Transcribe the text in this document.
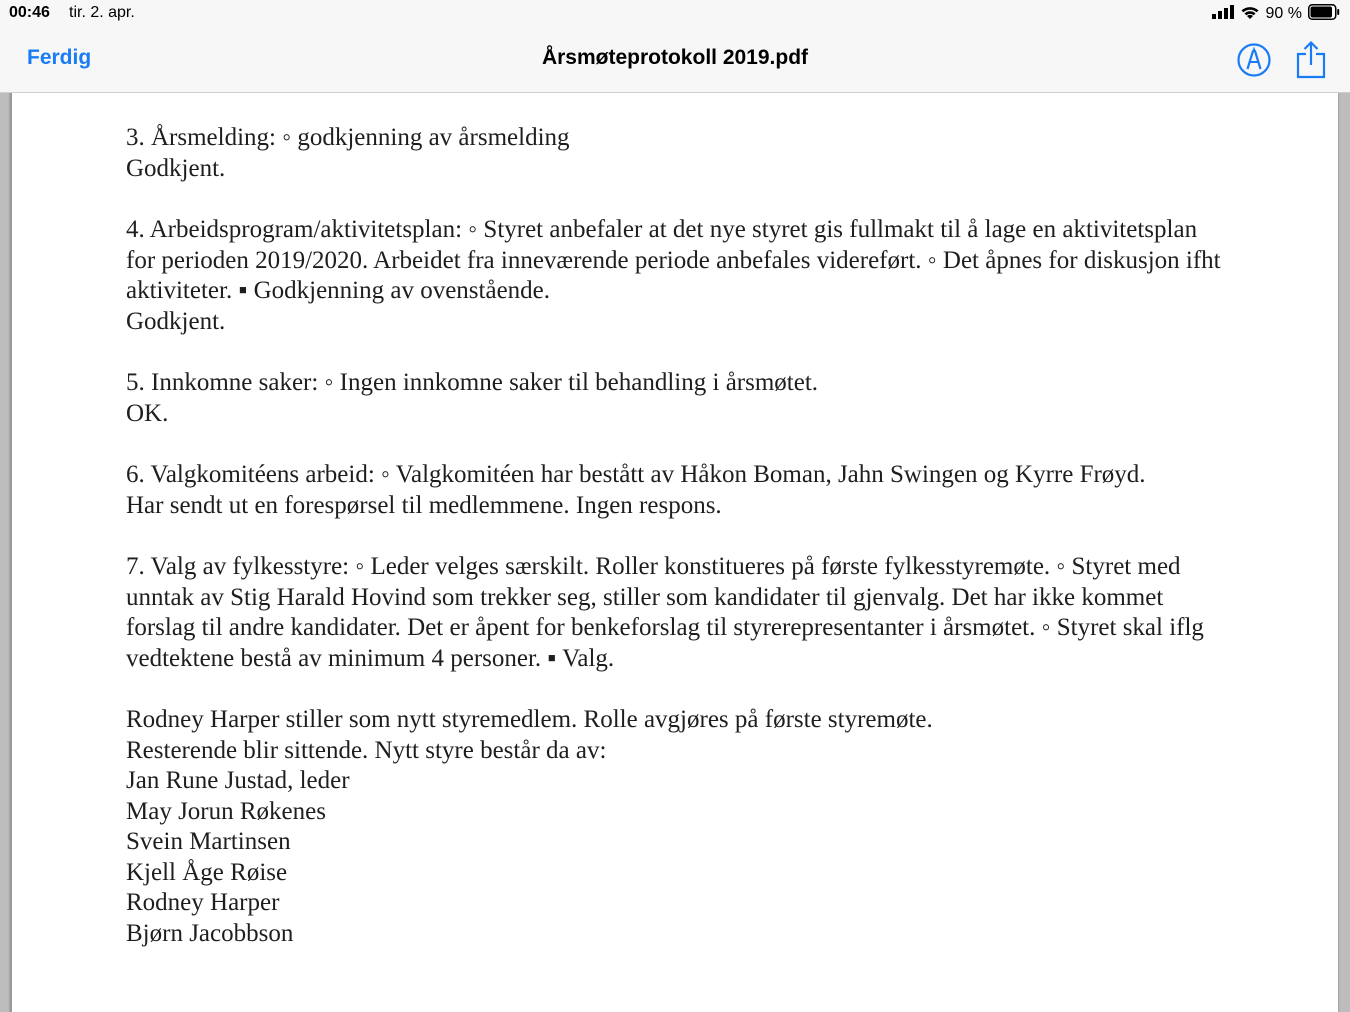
00:46 tir. 2. apr.	90 %
Ferdig	Årsmøteprotokoll 2019.pdf

3. Årsmelding: ◦ godkjenning av årsmelding
Godkjent.

4. Arbeidsprogram/aktivitetsplan: ◦ Styret anbefaler at det nye styret gis fullmakt til å lage en aktivitetsplan for perioden 2019/2020. Arbeidet fra inneværende periode anbefales videreført. ◦ Det åpnes for diskusjon ifht aktiviteter. ▪ Godkjenning av ovenstående.
Godkjent.

5. Innkomne saker: ◦ Ingen innkomne saker til behandling i årsmøtet.
OK.

6. Valgkomitéens arbeid: ◦ Valgkomitéen har bestått av Håkon Boman, Jahn Swingen og Kyrre Frøyd.
Har sendt ut en forespørsel til medlemmene. Ingen respons.

7. Valg av fylkesstyre: ◦ Leder velges særskilt. Roller konstitueres på første fylkesstyremøte. ◦ Styret med unntak av Stig Harald Hovind som trekker seg, stiller som kandidater til gjenvalg. Det har ikke kommet forslag til andre kandidater. Det er åpent for benkeforslag til styrerepresentanter i årsmøtet. ◦ Styret skal iflg vedtektene bestå av minimum 4 personer. ▪ Valg.

Rodney Harper stiller som nytt styremedlem. Rolle avgjøres på første styremøte.

Resterende blir sittende. Nytt styre består da av:

Jan Rune Justad, leder
May Jorun Røkenes
Svein Martinsen
Kjell Åge Røise
Rodney Harper
Bjørn Jacobbson
